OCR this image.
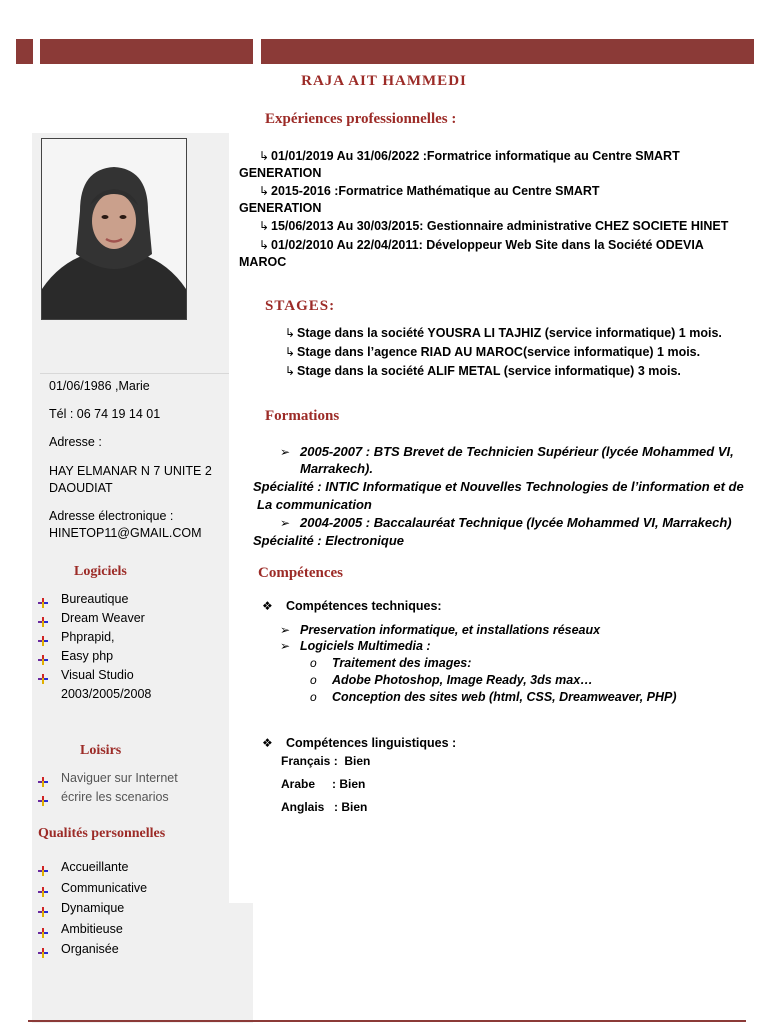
RAJA AIT HAMMEDI
01/06/1986 ,Marie
Tél : 06 74 19 14 01
Adresse :
HAY ELMANAR N 7 UNITE 2
DAOUDIAT
Adresse électronique :
HINETOP11@GMAIL.COM
Logiciels
Bureautique
Dream Weaver
Phprapid,
Easy php
Visual Studio
2003/2005/2008
Loisirs
Naviguer sur Internet
écrire les scenarios
Qualités personnelles
Accueillante
Communicative
Dynamique
Ambitieuse
Organisée
Expériences professionnelles :
↳ 01/01/2019 Au 31/06/2022 :Formatrice informatique au Centre SMART
GENERATION
↳ 2015-2016 :Formatrice Mathématique au Centre SMART
GENERATION
↳ 15/06/2013 Au 30/03/2015: Gestionnaire administrative CHEZ SOCIETE HINET
↳ 01/02/2010 Au 22/04/2011: Développeur Web Site dans la Société ODEVIA
MAROC
STAGES:
↳ Stage dans la société YOUSRA LI TAJHIZ (service informatique) 1 mois.
↳ Stage dans l’agence RIAD AU MAROC(service informatique) 1 mois.
↳ Stage dans la société ALIF METAL (service informatique) 3 mois.
Formations
➢ 2005-2007 : BTS Brevet de Technicien Supérieur (lycée Mohammed VI,
Marrakech).
Spécialité : INTIC Informatique et Nouvelles Technologies de l’information et de
La communication
➢ 2004-2005 : Baccalauréat Technique (lycée Mohammed VI, Marrakech)
Spécialité : Electronique
Compétences
❖ Compétences techniques:
➢ Preservation informatique, et installations réseaux
➢ Logiciels Multimedia :
o Traitement des images:
o Adobe Photoshop, Image Ready, 3ds max…
o Conception des sites web (html, CSS, Dreamweaver, PHP)
❖ Compétences linguistiques :
Français : Bien
Arabe : Bien
Anglais : Bien
